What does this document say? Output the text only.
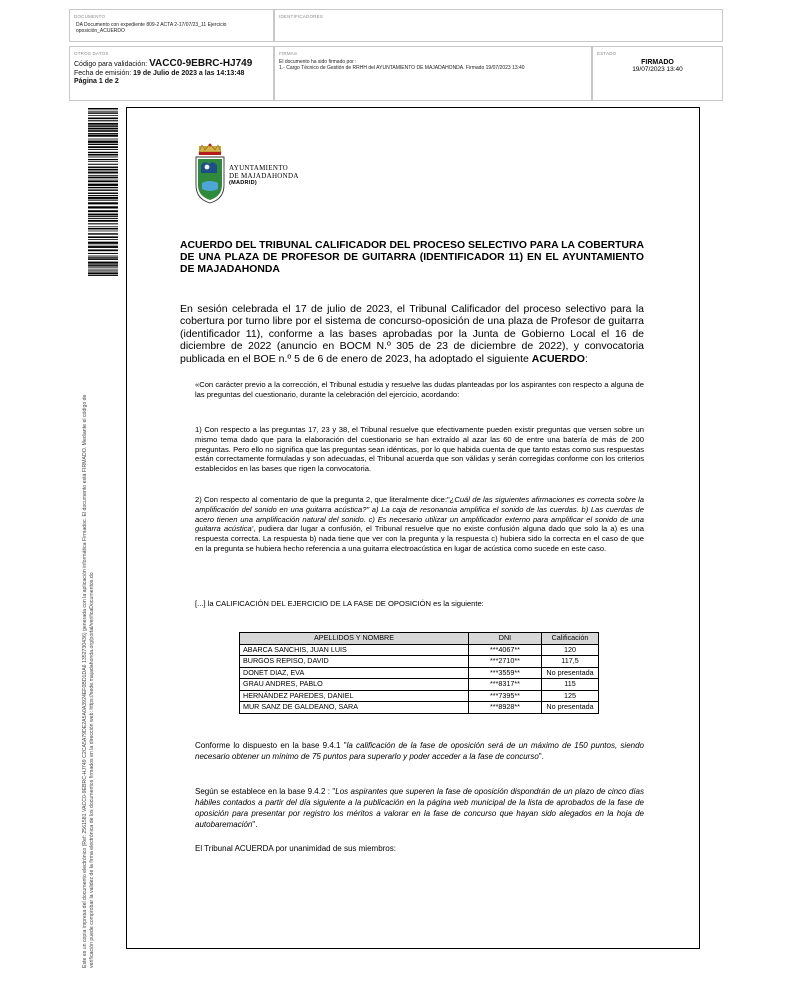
DOCUMENTO
DA Documento con expediente 809-2 ACTA 2-17/07/23_11 Ejercicio oposición_ACUERDO
IDENTIFICADORES
OTROS DATOS
Código para validación: VACC0-9EBRC-HJ749
Fecha de emisión: 19 de Julio de 2023 a las 14:13:48
Página 1 de 2
FIRMAS
El documento ha sido firmado por :
1.- Cargo Técnico de Gestión de RRHH del AYUNTAMIENTO DE MAJADAHONDA. Firmado 19/07/2023 13:40
ESTADO
FIRMADO
19/07/2023 13:40
Este es un copia impresa del documento electrónico (Ref: 2561581 VACC0-9EBRC-HJ749 C2CA5A79DE2A5A0A3924EF0BD1DA6 1352730436) generada con la aplicación informática Firmadoc. El documento está FIRMADO. Mediante el código de verificación puede comprobar la validez de la firma electrónica de los documentos firmados en la dirección web: https://sede.majadahonda.org/portal/verificaDocumentos.do
AYUNTAMIENTO
DE MAJADAHONDA
(MADRID)
ACUERDO DEL TRIBUNAL CALIFICADOR DEL PROCESO SELECTIVO PARA LA COBERTURA DE UNA PLAZA DE PROFESOR DE GUITARRA (IDENTIFICADOR 11) EN EL AYUNTAMIENTO DE MAJADAHONDA
En sesión celebrada el 17 de julio de 2023, el Tribunal Calificador del proceso selectivo para la cobertura por turno libre por el sistema de concurso-oposición de una plaza de Profesor de guitarra (identificador 11), conforme a las bases aprobadas por la Junta de Gobierno Local el 16 de diciembre de 2022 (anuncio en BOCM N.º 305 de 23 de diciembre de 2022), y convocatoria publicada en el BOE n.º 5 de 6 de enero de 2023, ha adoptado el siguiente ACUERDO:
«Con carácter previo a la corrección, el Tribunal estudia y resuelve las dudas planteadas por los aspirantes con respecto a alguna de las preguntas del cuestionario, durante la celebración del ejercicio, acordando:
1) Con respecto a las preguntas 17, 23 y 38, el Tribunal resuelve que efectivamente pueden existir preguntas que versen sobre un mismo tema dado que para la elaboración del cuestionario se han extraído al azar las 60 de entre una batería de más de 200 preguntas. Pero ello no significa que las preguntas sean idénticas, por lo que habida cuenta de que tanto estas como sus respuestas están correctamente formuladas y son adecuadas, el Tribunal acuerda que son válidas y serán corregidas conforme con los criterios establecidos en las bases que rigen la convocatoria.
2) Con respecto al comentario de que la pregunta 2, que literalmente dice:"¿Cuál de las siguientes afirmaciones es correcta sobre la amplificación del sonido en una guitarra acústica?" a) La caja de resonancia amplifica el sonido de las cuerdas. b) Las cuerdas de acero tienen una amplificación natural del sonido. c) Es necesario utilizar un amplificador externo para amplificar el sonido de una guitarra acústica', pudiera dar lugar a confusión, el Tribunal resuelve que no existe confusión alguna dado que solo la a) es una respuesta correcta. La respuesta b) nada tiene que ver con la pregunta y la respuesta c) hubiera sido la correcta en el caso de que en la pregunta se hubiera hecho referencia a una guitarra electroacústica en lugar de acústica como sucede en este caso.
[...] la CALIFICACIÓN DEL EJERCICIO DE LA FASE DE OPOSICIÓN es la siguiente:
APELLIDOS Y NOMBRE	DNI	Calificación
ABARCA SANCHIS, JUAN LUIS	***4067**	120
BURGOS REPISO, DAVID	***2710**	117,5
DONET DIAZ, EVA	***3559**	No presentada
GRAU ANDRES, PABLO	***8317**	115
HERNÁNDEZ PAREDES, DANIEL	***7395**	125
MUR SANZ DE GALDEANO, SARA	***8928**	No presentada
Conforme lo dispuesto en la base 9.4.1 "la calificación de la fase de oposición será de un máximo de 150 puntos, siendo necesario obtener un mínimo de 75 puntos para superarlo y poder acceder a la fase de concurso".
Según se establece en la base 9.4.2 : "Los aspirantes que superen la fase de oposición dispondrán de un plazo de cinco días hábiles contados a partir del día siguiente a la publicación en la página web municipal de la lista de aprobados de la fase de oposición para presentar por registro los méritos a valorar en la fase de concurso que hayan sido alegados en la hoja de autobaremación".
El Tribunal ACUERDA por unanimidad de sus miembros:
